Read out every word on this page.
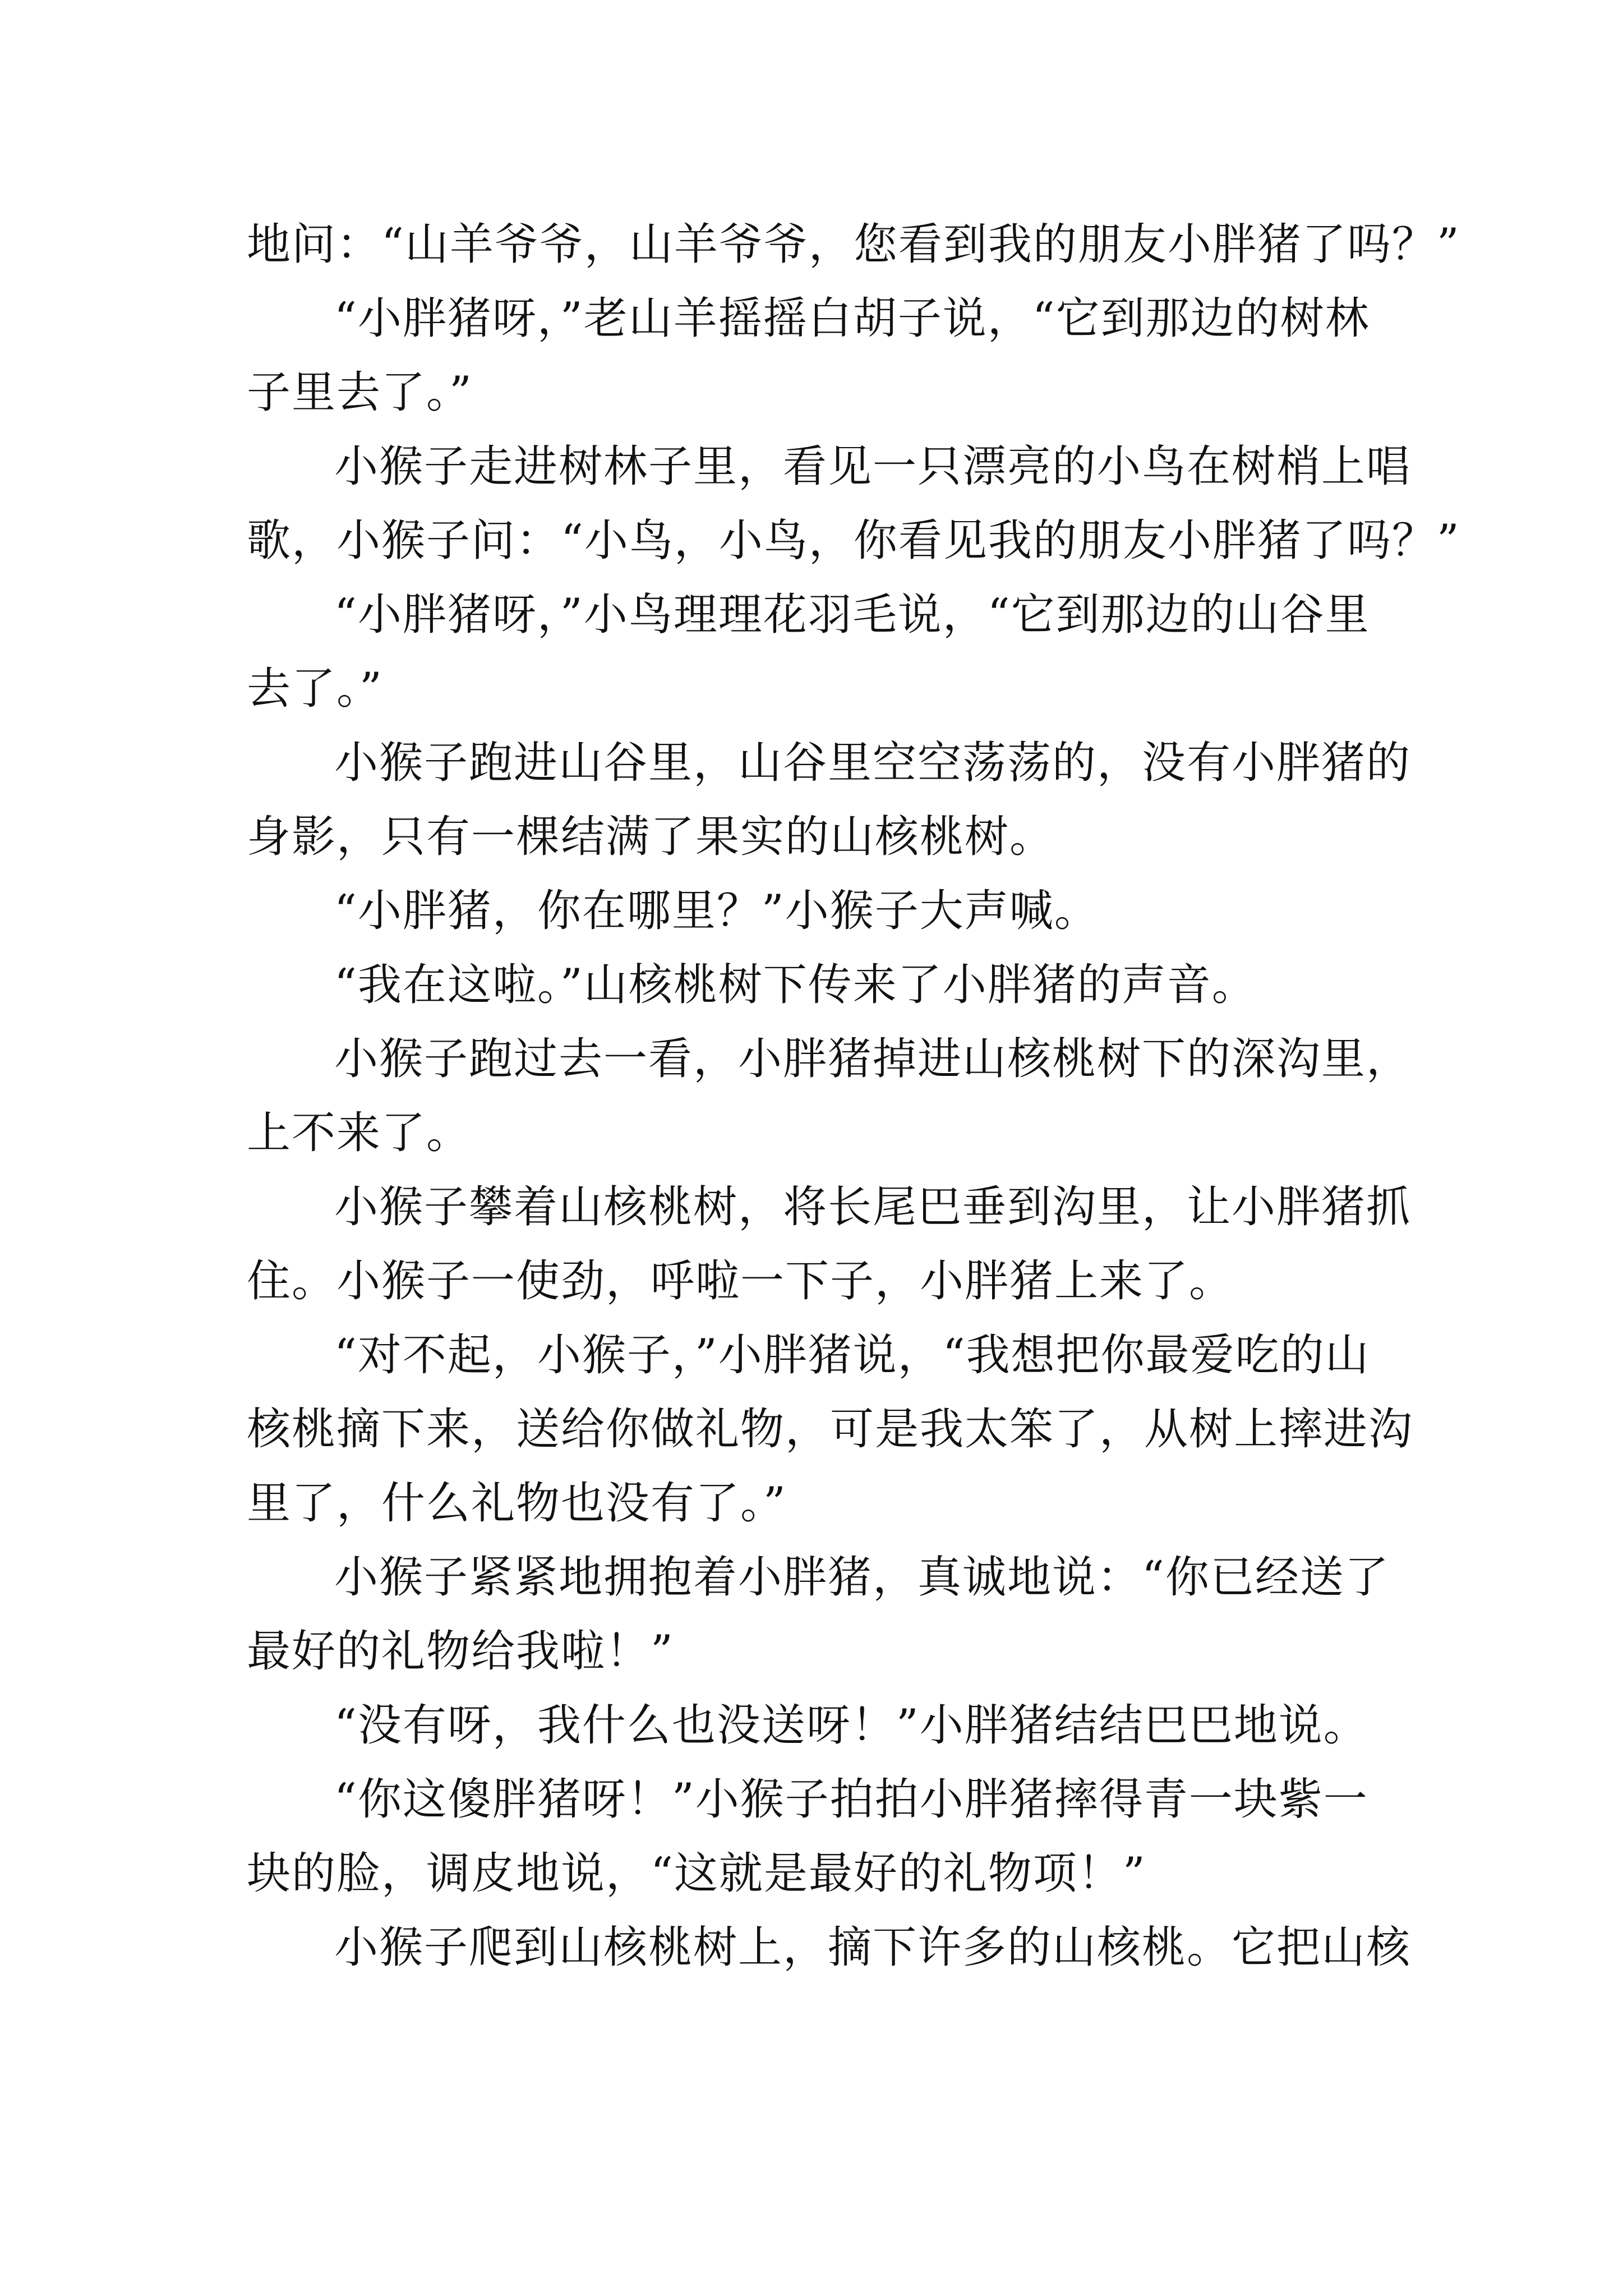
地问：“山羊爷爷，山羊爷爷，您看到我的朋友小胖猪了吗？”
“小胖猪呀，”老山羊摇摇白胡子说，“它到那边的树林
子里去了。”
小猴子走进树林子里，看见一只漂亮的小鸟在树梢上唱
歌，小猴子问：“小鸟，小鸟，你看见我的朋友小胖猪了吗？”
“小胖猪呀，”小鸟理理花羽毛说，“它到那边的山谷里
去了。”
小猴子跑进山谷里，山谷里空空荡荡的，没有小胖猪的
身影，只有一棵结满了果实的山核桃树。
“小胖猪，你在哪里？”小猴子大声喊。
“我在这啦。”山核桃树下传来了小胖猪的声音。
小猴子跑过去一看，小胖猪掉进山核桃树下的深沟里，
上不来了。
小猴子攀着山核桃树，将长尾巴垂到沟里，让小胖猪抓
住。小猴子一使劲，呼啦一下子，小胖猪上来了。
“对不起，小猴子，”小胖猪说，“我想把你最爱吃的山
核桃摘下来，送给你做礼物，可是我太笨了，从树上摔进沟
里了，什么礼物也没有了。”
小猴子紧紧地拥抱着小胖猪，真诚地说：“你已经送了
最好的礼物给我啦！”
“没有呀，我什么也没送呀！”小胖猪结结巴巴地说。
“你这傻胖猪呀！”小猴子拍拍小胖猪摔得青一块紫一
块的脸，调皮地说，“这就是最好的礼物项！”
小猴子爬到山核桃树上，摘下许多的山核桃。它把山核
